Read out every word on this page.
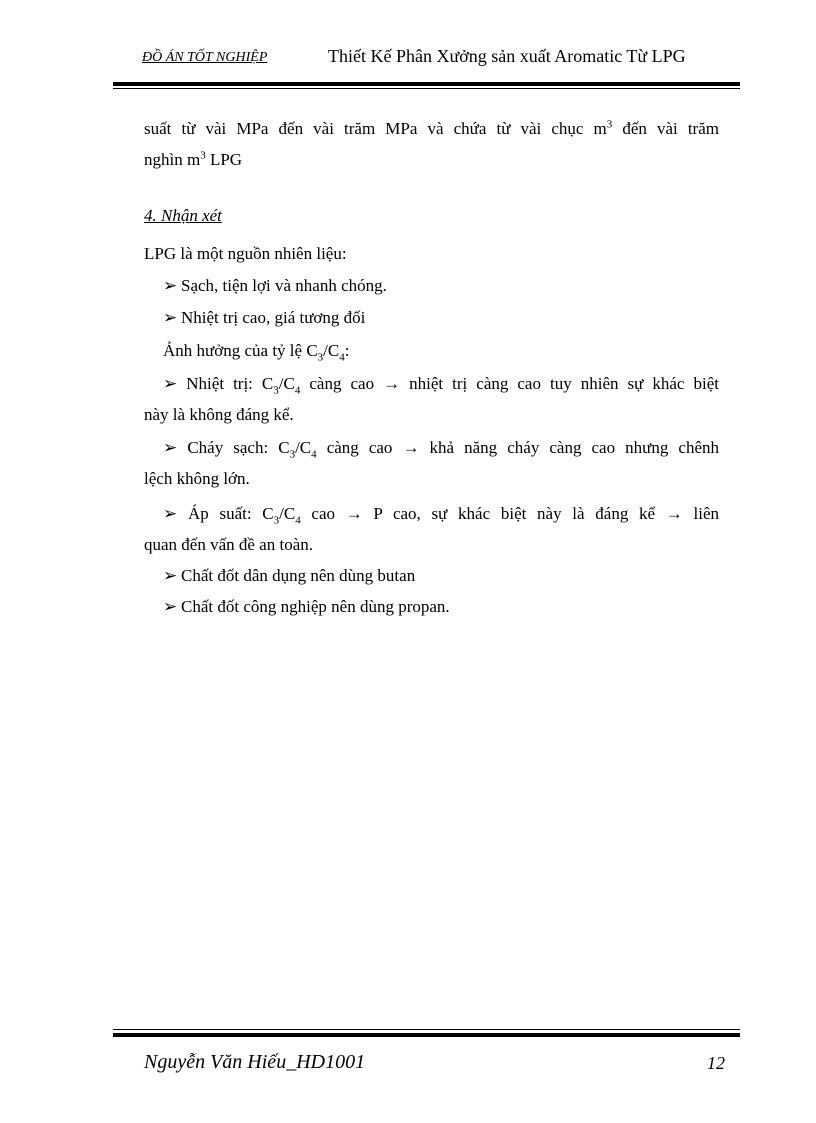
ĐỒ ÁN TỐT NGHIỆP	Thiết Kế Phân Xưởng sản xuất Aromatic Từ LPG

suất từ vài MPa đến vài trăm MPa và chứa từ vài chục $m^3$ đến vài trăm
nghìn $m^3$ LPG

4. Nhận xét
LPG là một nguồn nhiên liệu:
➢ Sạch, tiện lợi và nhanh chóng.
➢ Nhiệt trị cao, giá tương đối
Ảnh hưởng của tỷ lệ $C_3/C_4$:

➢ Nhiệt trị: $C_3/C_4$ càng cao → nhiệt trị càng cao tuy nhiên sự khác biệt
này là không đáng kể.

➢ Cháy sạch: $C_3/C_4$ càng cao → khả năng cháy càng cao nhưng chênh
lệch không lớn.

➢ Áp suất: $C_3/C_4$ cao → P cao, sự khác biệt này là đáng kể → liên
quan đến vấn đề an toàn.

➢ Chất đốt dân dụng nên dùng butan
➢ Chất đốt công nghiệp nên dùng propan.
Nguyễn Văn Hiếu_HD1001	12
